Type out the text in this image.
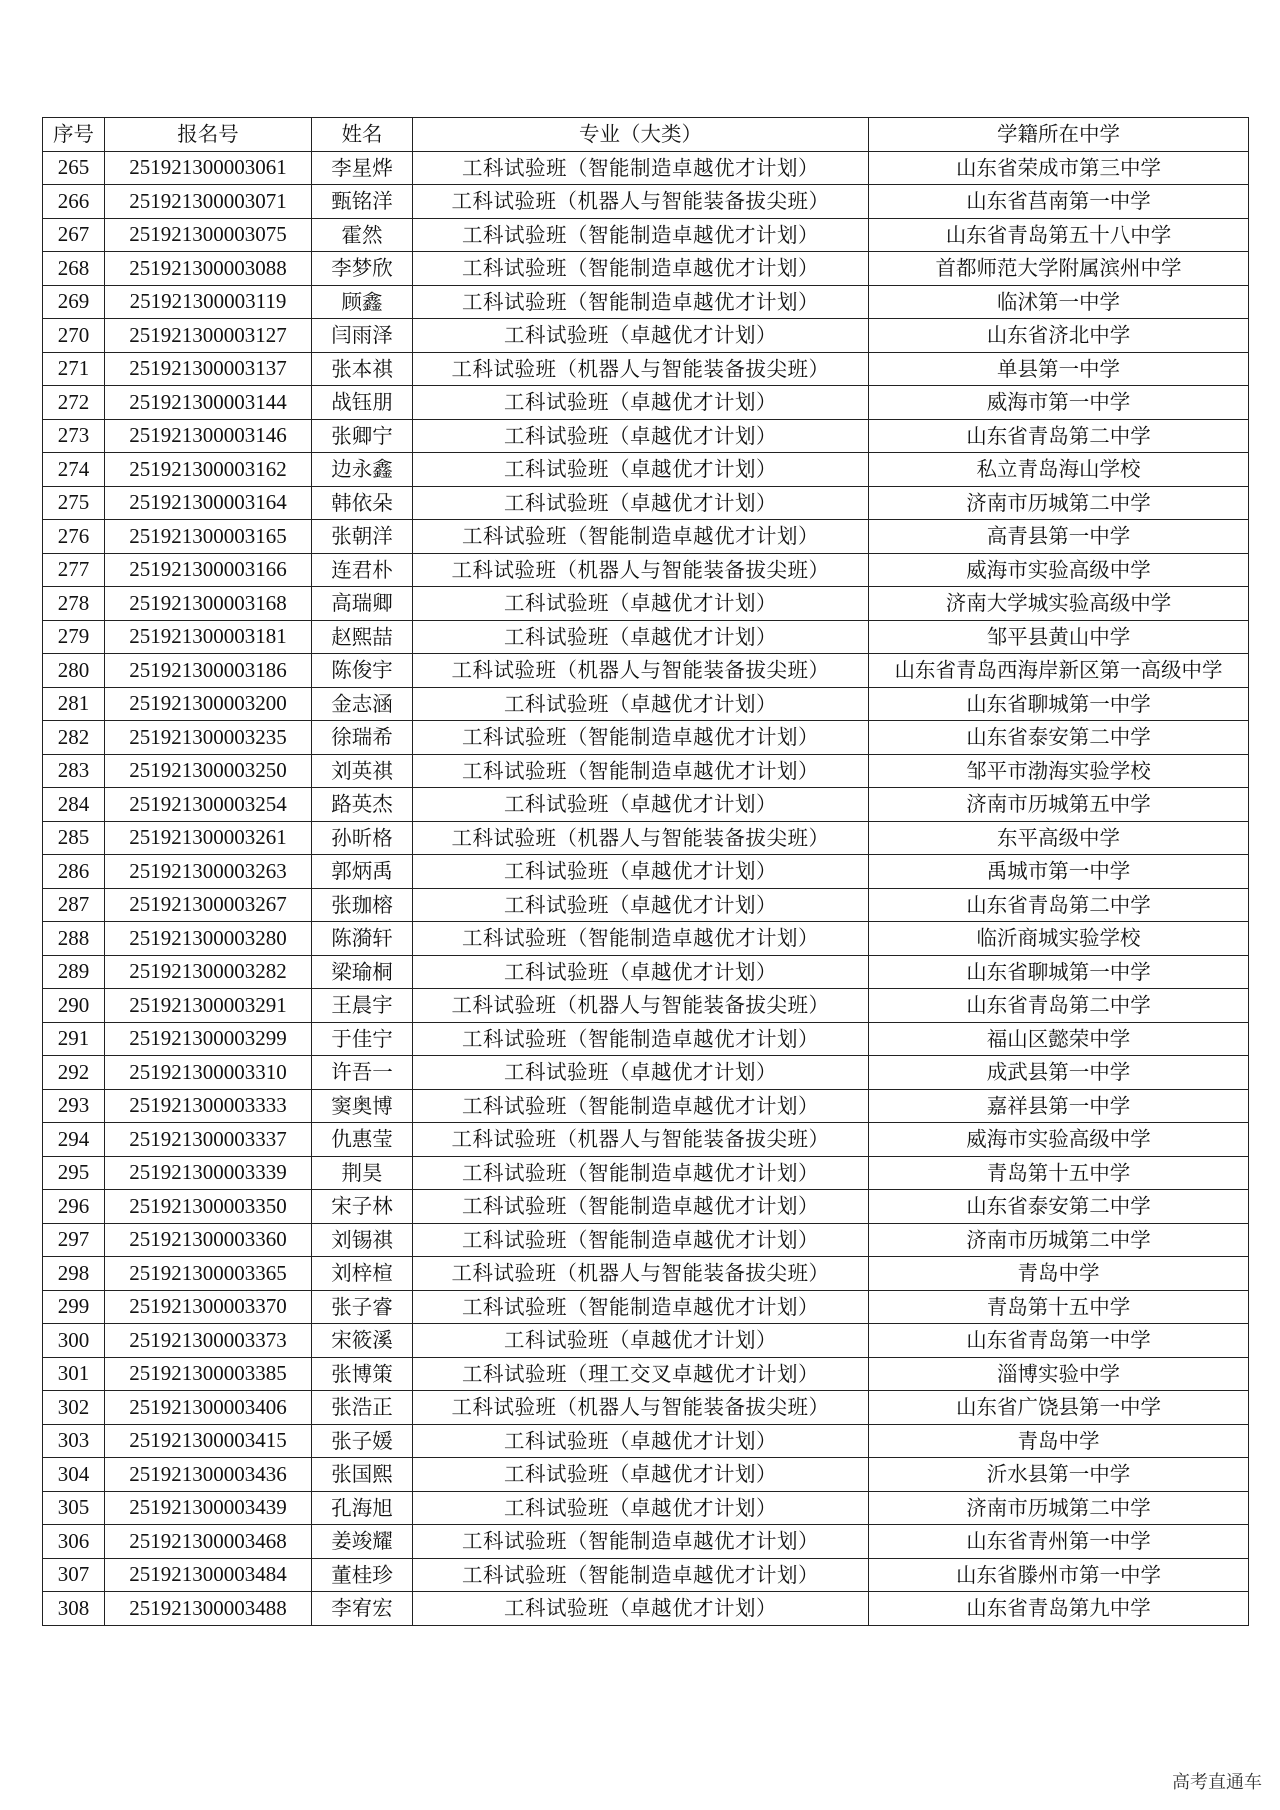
序号	报名号	姓名	专业（大类）	学籍所在中学
265	251921300003061	李星烨	工科试验班（智能制造卓越优才计划）	山东省荣成市第三中学
266	251921300003071	甄铭洋	工科试验班（机器人与智能装备拔尖班）	山东省莒南第一中学
267	251921300003075	霍然	工科试验班（智能制造卓越优才计划）	山东省青岛第五十八中学
268	251921300003088	李梦欣	工科试验班（智能制造卓越优才计划）	首都师范大学附属滨州中学
269	251921300003119	顾鑫	工科试验班（智能制造卓越优才计划）	临沭第一中学
270	251921300003127	闫雨泽	工科试验班（卓越优才计划）	山东省济北中学
271	251921300003137	张本祺	工科试验班（机器人与智能装备拔尖班）	单县第一中学
272	251921300003144	战钰朋	工科试验班（卓越优才计划）	威海市第一中学
273	251921300003146	张卿宁	工科试验班（卓越优才计划）	山东省青岛第二中学
274	251921300003162	边永鑫	工科试验班（卓越优才计划）	私立青岛海山学校
275	251921300003164	韩依朵	工科试验班（卓越优才计划）	济南市历城第二中学
276	251921300003165	张朝洋	工科试验班（智能制造卓越优才计划）	高青县第一中学
277	251921300003166	连君朴	工科试验班（机器人与智能装备拔尖班）	威海市实验高级中学
278	251921300003168	高瑞卿	工科试验班（卓越优才计划）	济南大学城实验高级中学
279	251921300003181	赵熙喆	工科试验班（卓越优才计划）	邹平县黄山中学
280	251921300003186	陈俊宇	工科试验班（机器人与智能装备拔尖班）	山东省青岛西海岸新区第一高级中学
281	251921300003200	金志涵	工科试验班（卓越优才计划）	山东省聊城第一中学
282	251921300003235	徐瑞希	工科试验班（智能制造卓越优才计划）	山东省泰安第二中学
283	251921300003250	刘英祺	工科试验班（智能制造卓越优才计划）	邹平市渤海实验学校
284	251921300003254	路英杰	工科试验班（卓越优才计划）	济南市历城第五中学
285	251921300003261	孙昕格	工科试验班（机器人与智能装备拔尖班）	东平高级中学
286	251921300003263	郭炳禹	工科试验班（卓越优才计划）	禹城市第一中学
287	251921300003267	张珈榕	工科试验班（卓越优才计划）	山东省青岛第二中学
288	251921300003280	陈漪轩	工科试验班（智能制造卓越优才计划）	临沂商城实验学校
289	251921300003282	梁瑜桐	工科试验班（卓越优才计划）	山东省聊城第一中学
290	251921300003291	王晨宇	工科试验班（机器人与智能装备拔尖班）	山东省青岛第二中学
291	251921300003299	于佳宁	工科试验班（智能制造卓越优才计划）	福山区懿荣中学
292	251921300003310	许吾一	工科试验班（卓越优才计划）	成武县第一中学
293	251921300003333	窦奥博	工科试验班（智能制造卓越优才计划）	嘉祥县第一中学
294	251921300003337	仇惠莹	工科试验班（机器人与智能装备拔尖班）	威海市实验高级中学
295	251921300003339	荆昊	工科试验班（智能制造卓越优才计划）	青岛第十五中学
296	251921300003350	宋子林	工科试验班（智能制造卓越优才计划）	山东省泰安第二中学
297	251921300003360	刘锡祺	工科试验班（智能制造卓越优才计划）	济南市历城第二中学
298	251921300003365	刘梓楦	工科试验班（机器人与智能装备拔尖班）	青岛中学
299	251921300003370	张子睿	工科试验班（智能制造卓越优才计划）	青岛第十五中学
300	251921300003373	宋筱溪	工科试验班（卓越优才计划）	山东省青岛第一中学
301	251921300003385	张博策	工科试验班（理工交叉卓越优才计划）	淄博实验中学
302	251921300003406	张浩正	工科试验班（机器人与智能装备拔尖班）	山东省广饶县第一中学
303	251921300003415	张子媛	工科试验班（卓越优才计划）	青岛中学
304	251921300003436	张国熙	工科试验班（卓越优才计划）	沂水县第一中学
305	251921300003439	孔海旭	工科试验班（卓越优才计划）	济南市历城第二中学
306	251921300003468	姜竣耀	工科试验班（智能制造卓越优才计划）	山东省青州第一中学
307	251921300003484	董桂珍	工科试验班（智能制造卓越优才计划）	山东省滕州市第一中学
308	251921300003488	李宥宏	工科试验班（卓越优才计划）	山东省青岛第九中学
高考直通车
